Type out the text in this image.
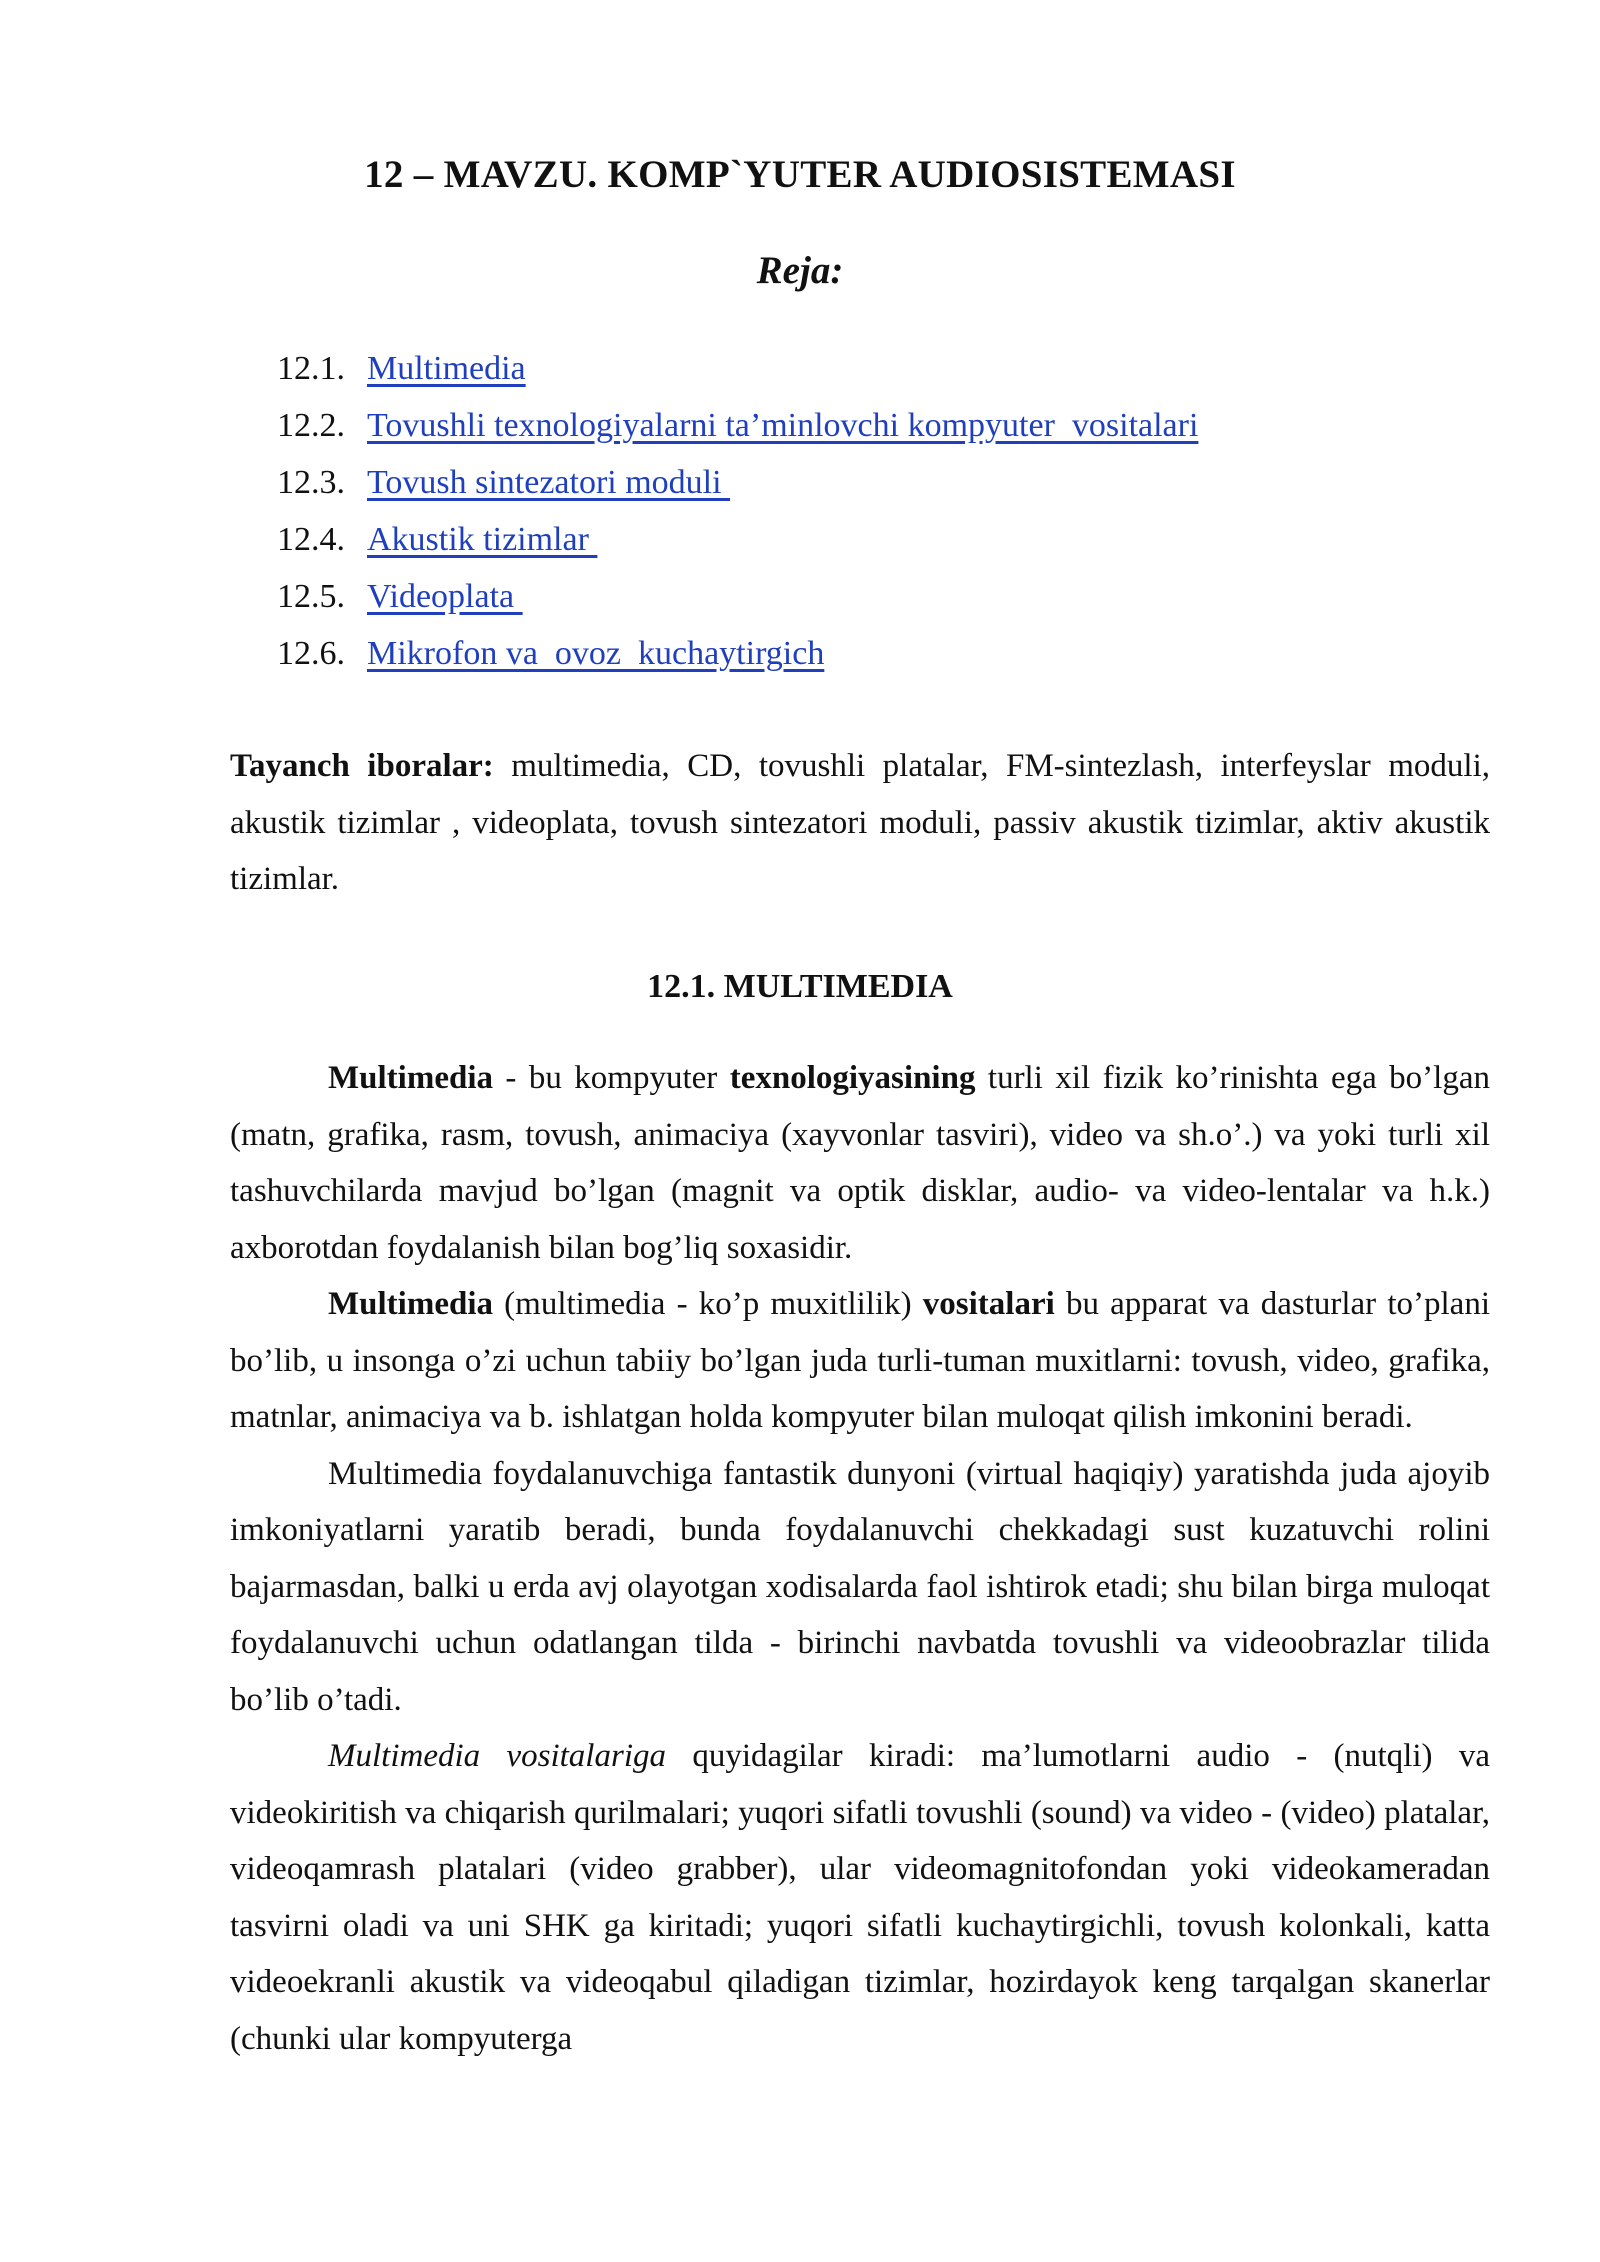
12 – MAVZU. KOMP`YUTER AUDIOSISTEMASI
Reja:
12.1. Multimedia
12.2. Tovushli texnologiyalarni ta’minlovchi kompyuter  vositalari
12.3. Tovush sintezatori moduli
12.4. Akustik tizimlar
12.5. Videoplata
12.6. Mikrofon va  ovoz  kuchaytirgich

Tayanch iboralar: multimedia, CD, tovushli platalar, FM-sintezlash, interfeyslar moduli, akustik tizimlar , videoplata, tovush sintezatori moduli, passiv akustik tizimlar, aktiv akustik tizimlar.

12.1. MULTIMEDIA

Multimedia - bu kompyuter texnologiyasining turli xil fizik ko’rinishta ega bo’lgan (matn, grafika, rasm, tovush, animaciya (xayvonlar tasviri), video va sh.o’.) va yoki turli xil tashuvchilarda mavjud bo’lgan (magnit va optik disklar, audio- va video-lentalar va h.k.) axborotdan foydalanish bilan bog’liq soxasidir.

Multimedia (multimedia - ko’p muxitlilik) vositalari bu apparat va dasturlar to’plani bo’lib, u insonga o’zi uchun tabiiy bo’lgan juda turli-tuman muxitlarni: tovush, video, grafika, matnlar, animaciya va b. ishlatgan holda kompyuter bilan muloqat qilish imkonini beradi.

Multimedia foydalanuvchiga fantastik dunyoni (virtual haqiqiy) yaratishda juda ajoyib imkoniyatlarni yaratib beradi, bunda foydalanuvchi chekkadagi sust kuzatuvchi rolini bajarmasdan, balki u erda avj olayotgan xodisalarda faol ishtirok etadi; shu bilan birga muloqat foydalanuvchi uchun odatlangan tilda - birinchi navbatda tovushli va videoobrazlar tilida bo’lib o’tadi.

Multimedia vositalariga quyidagilar kiradi: ma’lumotlarni audio - (nutqli) va videokiritish va chiqarish qurilmalari; yuqori sifatli tovushli (sound) va video - (video) platalar, videoqamrash platalari (video grabber), ular videomagnitofondan yoki videokameradan tasvirni oladi va uni SHK ga kiritadi; yuqori sifatli kuchaytirgichli, tovush kolonkali, katta videoekranli akustik va videoqabul qiladigan tizimlar, hozirdayok keng tarqalgan skanerlar (chunki ular kompyuterga
